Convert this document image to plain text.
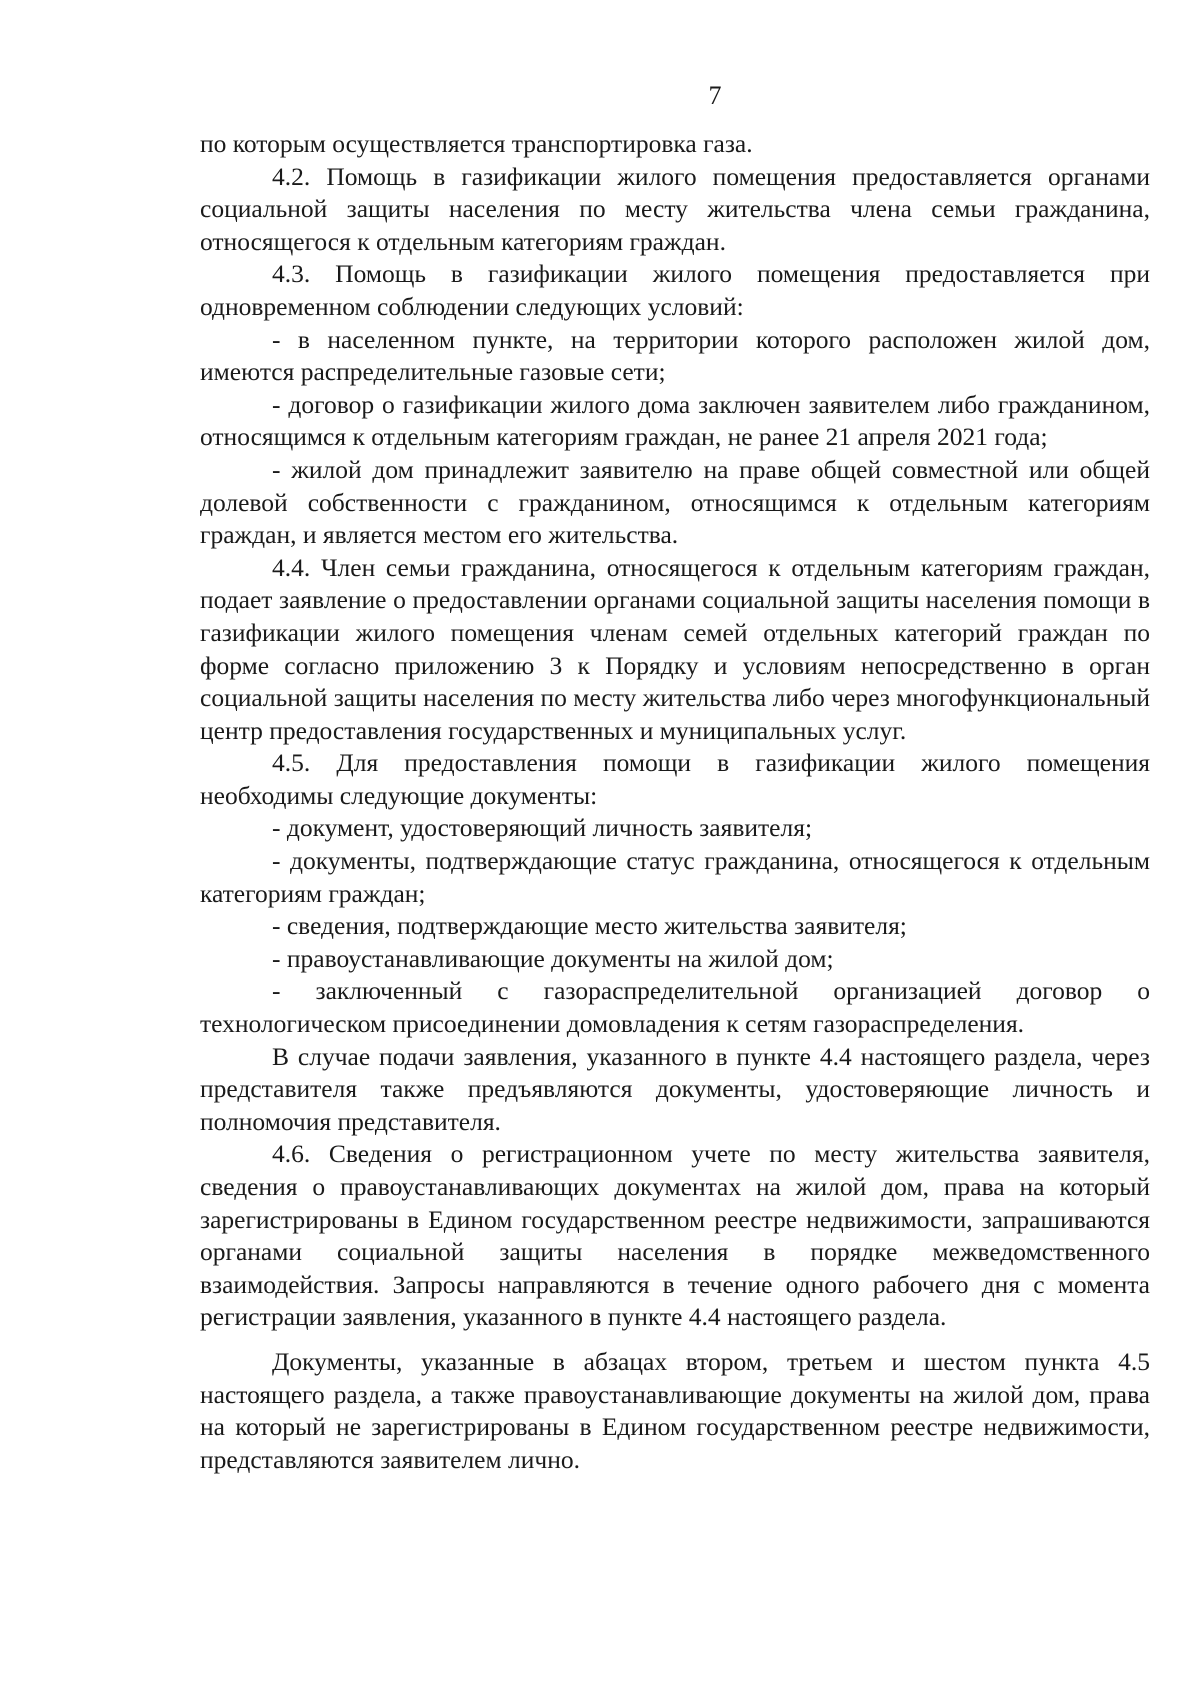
7

по которым осуществляется транспортировка газа.

4.2. Помощь в газификации жилого помещения предоставляется органами социальной защиты населения по месту жительства члена семьи гражданина, относящегося к отдельным категориям граждан.

4.3. Помощь в газификации жилого помещения предоставляется при одновременном соблюдении следующих условий:

- в населенном пункте, на территории которого расположен жилой дом, имеются распределительные газовые сети;

- договор о газификации жилого дома заключен заявителем либо гражданином, относящимся к отдельным категориям граждан, не ранее 21 апреля 2021 года;

- жилой дом принадлежит заявителю на праве общей совместной или общей долевой собственности с гражданином, относящимся к отдельным категориям граждан, и является местом его жительства.

4.4. Член семьи гражданина, относящегося к отдельным категориям граждан, подает заявление о предоставлении органами социальной защиты населения помощи в газификации жилого помещения членам семей отдельных категорий граждан по форме согласно приложению 3 к Порядку и условиям непосредственно в орган социальной защиты населения по месту жительства либо через многофункциональный центр предоставления государственных и муниципальных услуг.

4.5. Для предоставления помощи в газификации жилого помещения необходимы следующие документы:

- документ, удостоверяющий личность заявителя;

- документы, подтверждающие статус гражданина, относящегося к отдельным категориям граждан;

- сведения, подтверждающие место жительства заявителя;

- правоустанавливающие документы на жилой дом;

- заключенный с газораспределительной организацией договор о технологическом присоединении домовладения к сетям газораспределения.

В случае подачи заявления, указанного в пункте 4.4 настоящего раздела, через представителя также предъявляются документы, удостоверяющие личность и полномочия представителя.

4.6. Сведения о регистрационном учете по месту жительства заявителя, сведения о правоустанавливающих документах на жилой дом, права на который зарегистрированы в Едином государственном реестре недвижимости, запрашиваются органами социальной защиты населения в порядке межведомственного взаимодействия. Запросы направляются в течение одного рабочего дня с момента регистрации заявления, указанного в пункте 4.4 настоящего раздела.

Документы, указанные в абзацах втором, третьем и шестом пункта 4.5 настоящего раздела, а также правоустанавливающие документы на жилой дом, права на который не зарегистрированы в Едином государственном реестре недвижимости, представляются заявителем лично.
